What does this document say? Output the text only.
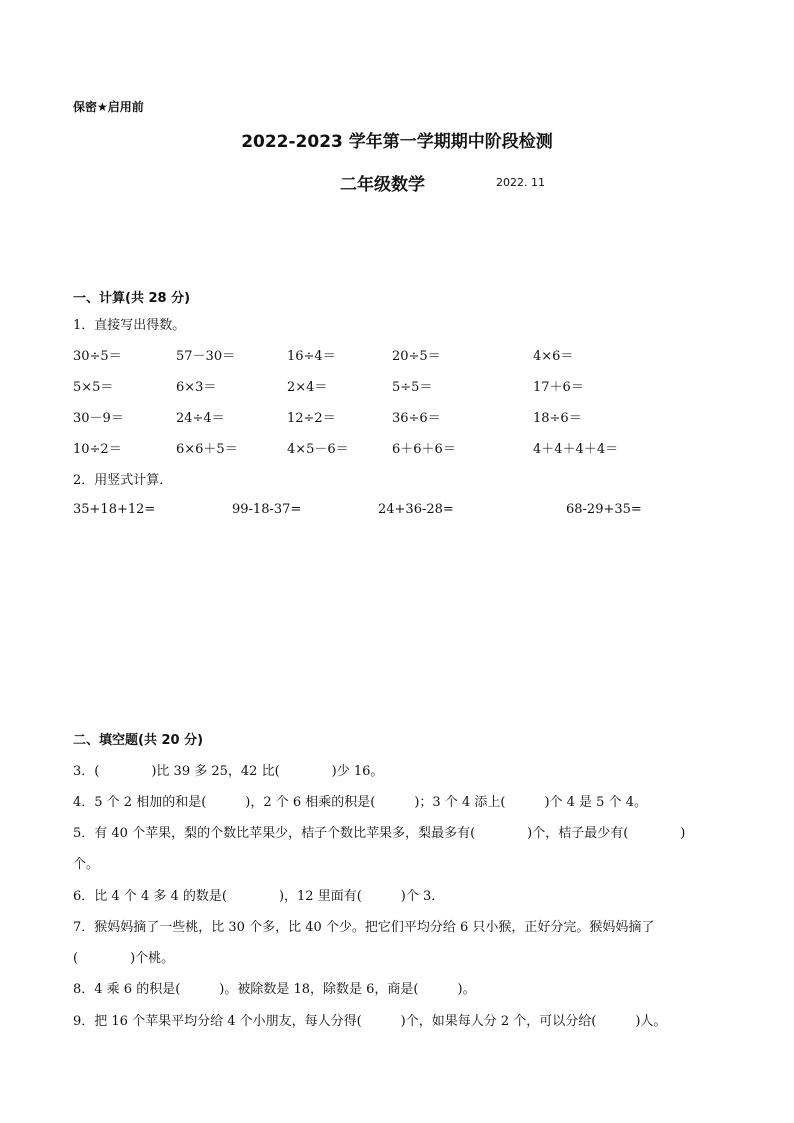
保密★启用前
2022-2023 学年第一学期期中阶段检测
二年级数学	2022. 11
一、计算(共 28 分)
1．直接写出得数。
30÷5＝	57－30＝	16÷4＝	20÷5＝	4×6＝
5×5＝	6×3＝	2×4＝	5÷5＝	17＋6＝
30－9＝	24÷4＝	12÷2＝	36÷6＝	18÷6＝
10÷2＝	6×6＋5＝	4×5－6＝	6＋6＋6＝	4＋4＋4＋4＝
2．用竖式计算．
35+18+12=	99-18-37=	24+36-28=	68-29+35=
二、填空题(共 20 分)
3．(　　　　)比 39 多 25，42 比(　　　　)少 16。
4．5 个 2 相加的和是(　　　)，2 个 6 相乘的积是(　　　)；3 个 4 添上(　　　)个 4 是 5 个 4。
5．有 40 个苹果，梨的个数比苹果少，桔子个数比苹果多，梨最多有(　　　　)个，桔子最少有(　　　　)
个。
6．比 4 个 4 多 4 的数是(　　　　)，12 里面有(　　　)个 3．
7．猴妈妈摘了一些桃，比 30 个多，比 40 个少。把它们平均分给 6 只小猴，正好分完。猴妈妈摘了
(　　　　)个桃。
8．4 乘 6 的积是(　　　)。被除数是 18，除数是 6，商是(　　　)。
9．把 16 个苹果平均分给 4 个小朋友，每人分得(　　　)个，如果每人分 2 个，可以分给(　　　)人。
